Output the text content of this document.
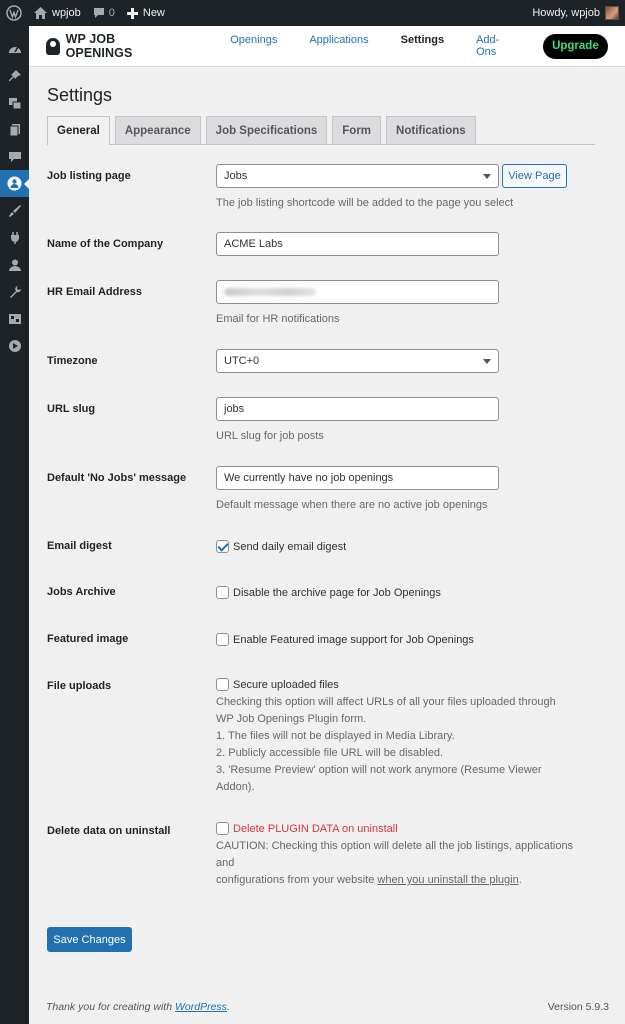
wpjob	0	New	Howdy, wpjob
WP JOB OPENINGS
Openings	Applications	Settings	Add-Ons	Upgrade
Settings
General	Appearance	Job Specifications	Form	Notifications
Job listing page	Jobs	View Page
The job listing shortcode will be added to the page you select
Name of the Company	ACME Labs
HR Email Address
Email for HR notifications
Timezone	UTC+0
URL slug	jobs
URL slug for job posts
Default 'No Jobs' message	We currently have no job openings
Default message when there are no active job openings
Email digest	Send daily email digest
Jobs Archive	Disable the archive page for Job Openings
Featured image	Enable Featured image support for Job Openings
File uploads	Secure uploaded files
Checking this option will affect URLs of all your files uploaded through
WP Job Openings Plugin form.
1. The files will not be displayed in Media Library.
2. Publicly accessible file URL will be disabled.
3. 'Resume Preview' option will not work anymore (Resume Viewer
Addon).
Delete data on uninstall	Delete PLUGIN DATA on uninstall
CAUTION: Checking this option will delete all the job listings, applications
and
configurations from your website when you uninstall the plugin.
Save Changes
Thank you for creating with WordPress.	Version 5.9.3
